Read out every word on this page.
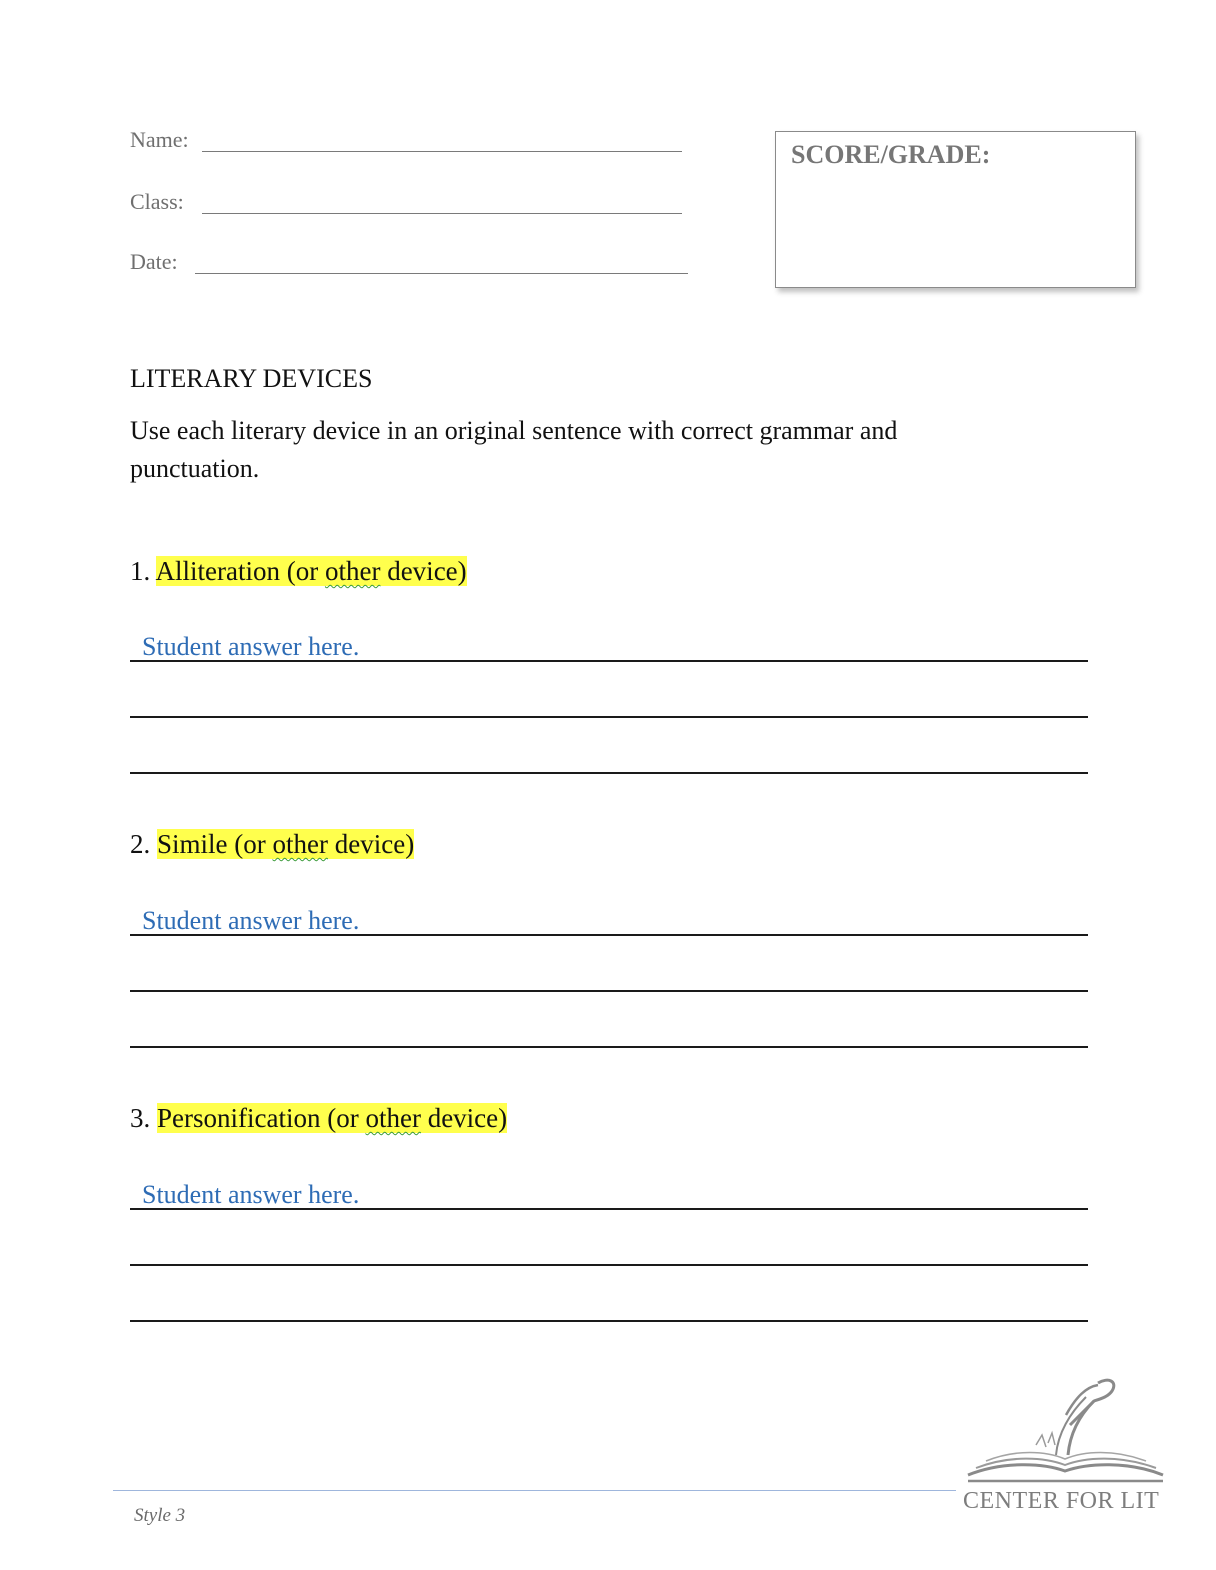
Name:
Class:
Date:
SCORE/GRADE:
LITERARY DEVICES
Use each literary device in an original sentence with correct grammar and punctuation.
1. Alliteration (or other device)
Student answer here.
2. Simile (or other device)
Student answer here.
3. Personification (or other device)
Student answer here.
Style 3
CENTER FOR LIT
